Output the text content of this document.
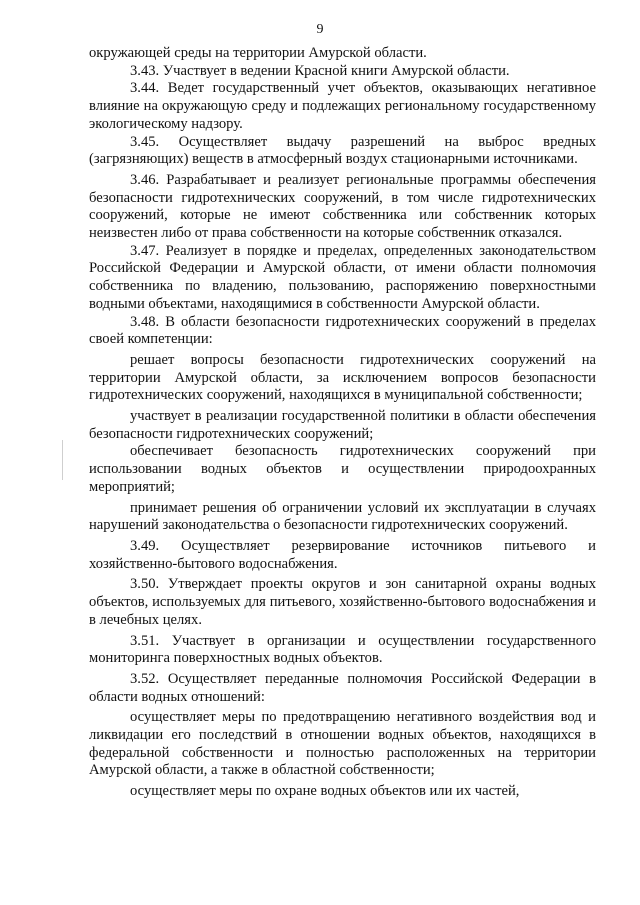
9

окружающей среды на территории Амурской области.

3.43. Участвует в ведении Красной книги Амурской области.

3.44. Ведет государственный учет объектов, оказывающих негативное влияние на окружающую среду и подлежащих региональному государственному экологическому надзору.

3.45. Осуществляет выдачу разрешений на выброс вредных (загрязняющих) веществ в атмосферный воздух стационарными источниками.

3.46. Разрабатывает и реализует региональные программы обеспечения безопасности гидротехнических сооружений, в том числе гидротехнических сооружений, которые не имеют собственника или собственник которых неизвестен либо от права собственности на которые собственник отказался.

3.47. Реализует в порядке и пределах, определенных законодательством Российской Федерации и Амурской области, от имени области полномочия собственника по владению, пользованию, распоряжению поверхностными водными объектами, находящимися в собственности Амурской области.

3.48. В области безопасности гидротехнических сооружений в пределах своей компетенции:

решает вопросы безопасности гидротехнических сооружений на территории Амурской области, за исключением вопросов безопасности гидротехнических сооружений, находящихся в муниципальной собственности;

участвует в реализации государственной политики в области обеспечения безопасности гидротехнических сооружений;

обеспечивает безопасность гидротехнических сооружений при использовании водных объектов и осуществлении природоохранных мероприятий;

принимает решения об ограничении условий их эксплуатации в случаях нарушений законодательства о безопасности гидротехнических сооружений.

3.49. Осуществляет резервирование источников питьевого и хозяйственно-бытового водоснабжения.

3.50. Утверждает проекты округов и зон санитарной охраны водных объектов, используемых для питьевого, хозяйственно-бытового водоснабжения и в лечебных целях.

3.51. Участвует в организации и осуществлении государственного мониторинга поверхностных водных объектов.

3.52. Осуществляет переданные полномочия Российской Федерации в области водных отношений:

осуществляет меры по предотвращению негативного воздействия вод и ликвидации его последствий в отношении водных объектов, находящихся в федеральной собственности и полностью расположенных на территории Амурской области, а также в областной собственности;

осуществляет меры по охране водных объектов или их частей,
